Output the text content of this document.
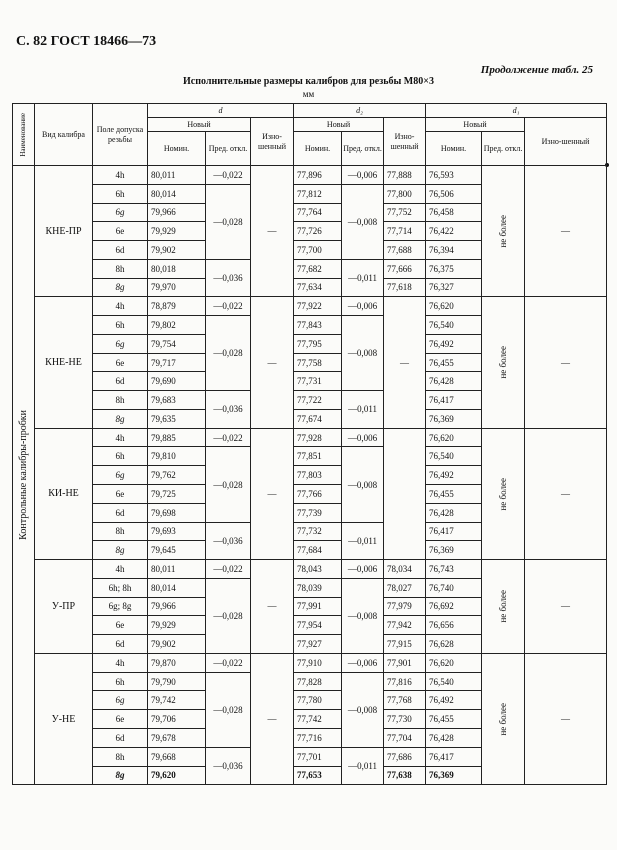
С. 82 ГОСТ 18466—73
Продолжение табл. 25
Исполнительные размеры калибров для резьбы М80×3
мм
Наименование	Вид калибра	Поле допуска резьбы	d			d₂			d₁		
			Новый		Изно-шенный	Новый		Изно-шенный	Новый		Изно-шенный
			Номин.	Пред. откл.		Номин.	Пред. откл.		Номин.	Пред. откл.	

Контрольные калибры-пробки	КНЕ-ПР	4h	80,011	—0,022	—	77,896	—0,006	77,888	76,593	не более	—
		6h	80,014	—0,028		77,812	—0,008	77,800	76,506		
		6g	79,966			77,764		77,752	76,458		
		6e	79,929			77,726		77,714	76,422		
		6d	79,902			77,700		77,688	76,394		
		8h	80,018	—0,036		77,682	—0,011	77,666	76,375		
		8g	79,970			77,634		77,618	76,327		
	КНЕ-НЕ	4h	78,879	—0,022	—	77,922	—0,006	—	76,620	не более	—
		6h	79,802	—0,028		77,843	—0,008		76,540		
		6g	79,754			77,795			76,492		
		6e	79,717			77,758			76,455		
		6d	79,690			77,731			76,428		
		8h	79,683	—0,036		77,722	—0,011		76,417		
		8g	79,635			77,674			76,369		
	КИ-НЕ	4h	79,885	—0,022	—	77,928	—0,006		76,620	не более	—
		6h	79,810	—0,028		77,851	—0,008		76,540		
		6g	79,762			77,803			76,492		
		6e	79,725			77,766			76,455		
		6d	79,698			77,739			76,428		
		8h	79,693	—0,036		77,732	—0,011		76,417		
		8g	79,645			77,684			76,369		
	У-ПР	4h	80,011	—0,022	—	78,043	—0,006	78,034	76,743	не более	—
		6h; 8h	80,014	—0,028		78,039	—0,008	78,027	76,740		
		6g; 8g	79,966			77,991		77,979	76,692		
		6e	79,929			77,954		77,942	76,656		
		6d	79,902			77,927		77,915	76,628		
	У-НЕ	4h	79,870	—0,022	—	77,910	—0,006	77,901	76,620	не более	—
		6h	79,790	—0,028		77,828	—0,008	77,816	76,540		
		6g	79,742			77,780		77,768	76,492		
		6e	79,706			77,742		77,730	76,455		
		6d	79,678			77,716		77,704	76,428		
		8h	79,668	—0,036		77,701	—0,011	77,686	76,417		
		8g	79,620			77,653		77,638	76,369		
